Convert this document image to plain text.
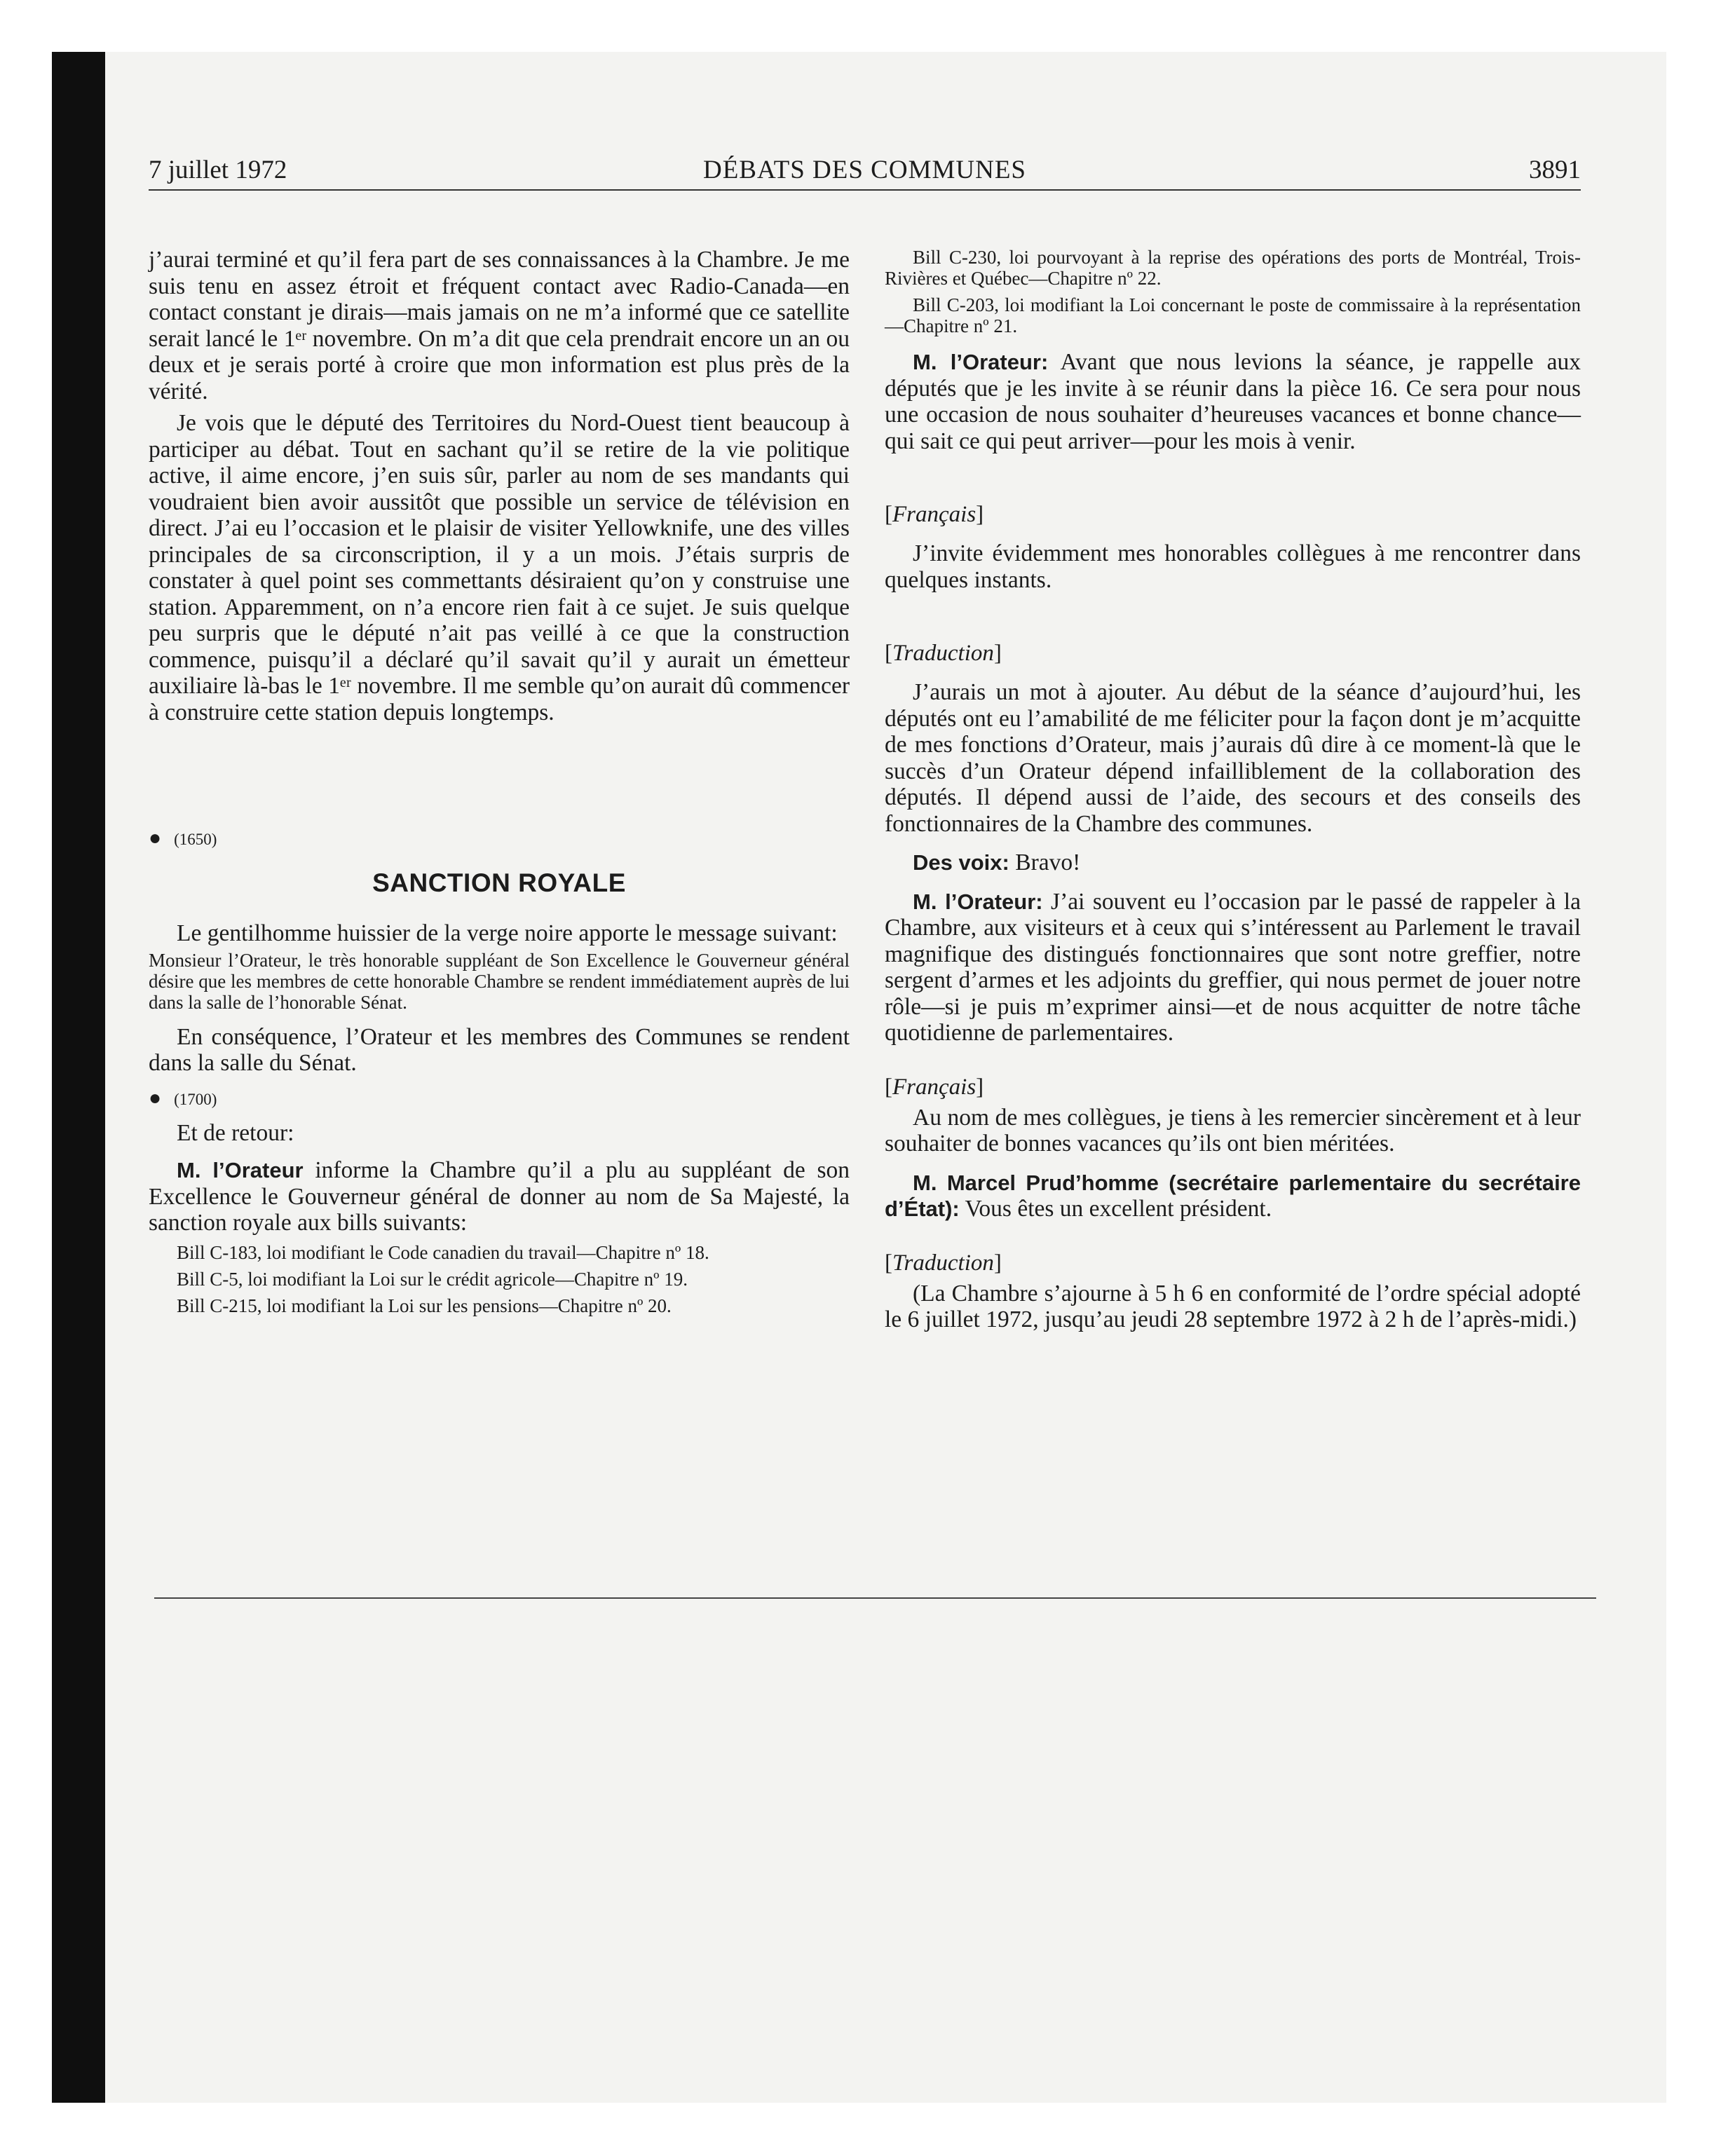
7 juillet 1972	DÉBATS DES COMMUNES	3891

j’aurai terminé et qu’il fera part de ses connaissances à la Chambre. Je me suis tenu en assez étroit et fréquent contact avec Radio-Canada—en contact constant je dirais—mais jamais on ne m’a informé que ce satellite serait lancé le 1ᵉʳ novembre. On m’a dit que cela prendrait encore un an ou deux et je serais porté à croire que mon information est plus près de la vérité.

Je vois que le député des Territoires du Nord-Ouest tient beaucoup à participer au débat. Tout en sachant qu’il se retire de la vie politique active, il aime encore, j’en suis sûr, parler au nom de ses mandants qui voudraient bien avoir aussitôt que possible un service de télévision en direct. J’ai eu l’occasion et le plaisir de visiter Yellowknife, une des villes principales de sa circonscription, il y a un mois. J’étais surpris de constater à quel point ses commettants désiraient qu’on y construise une station. Apparemment, on n’a encore rien fait à ce sujet. Je suis quelque peu surpris que le député n’ait pas veillé à ce que la construction commence, puisqu’il a déclaré qu’il savait qu’il y aurait un émetteur auxiliaire là-bas le 1ᵉʳ novembre. Il me semble qu’on aurait dû commencer à construire cette station depuis longtemps.

● (1650)

SANCTION ROYALE

Le gentilhomme huissier de la verge noire apporte le message suivant:

Monsieur l’Orateur, le très honorable suppléant de Son Excellence le Gouverneur général désire que les membres de cette honorable Chambre se rendent immédiatement auprès de lui dans la salle de l’honorable Sénat.

En conséquence, l’Orateur et les membres des Communes se rendent dans la salle du Sénat.

● (1700)

Et de retour:

M. l’Orateur informe la Chambre qu’il a plu au suppléant de son Excellence le Gouverneur général de donner au nom de Sa Majesté, la sanction royale aux bills suivants:

Bill C-183, loi modifiant le Code canadien du travail—Chapitre nº 18.

Bill C-5, loi modifiant la Loi sur le crédit agricole—Chapitre nº 19.

Bill C-215, loi modifiant la Loi sur les pensions—Chapitre nº 20.

Bill C-230, loi pourvoyant à la reprise des opérations des ports de Montréal, Trois-Rivières et Québec—Chapitre nº 22.

Bill C-203, loi modifiant la Loi concernant le poste de commissaire à la représentation—Chapitre nº 21.

M. l’Orateur: Avant que nous levions la séance, je rappelle aux députés que je les invite à se réunir dans la pièce 16. Ce sera pour nous une occasion de nous souhaiter d’heureuses vacances et bonne chance—qui sait ce qui peut arriver—pour les mois à venir.

[Français]

J’invite évidemment mes honorables collègues à me rencontrer dans quelques instants.

[Traduction]

J’aurais un mot à ajouter. Au début de la séance d’aujourd’hui, les députés ont eu l’amabilité de me féliciter pour la façon dont je m’acquitte de mes fonctions d’Orateur, mais j’aurais dû dire à ce moment-là que le succès d’un Orateur dépend infailliblement de la collaboration des députés. Il dépend aussi de l’aide, des secours et des conseils des fonctionnaires de la Chambre des communes.

Des voix: Bravo!

M. l’Orateur: J’ai souvent eu l’occasion par le passé de rappeler à la Chambre, aux visiteurs et à ceux qui s’intéressent au Parlement le travail magnifique des distingués fonctionnaires que sont notre greffier, notre sergent d’armes et les adjoints du greffier, qui nous permet de jouer notre rôle—si je puis m’exprimer ainsi—et de nous acquitter de notre tâche quotidienne de parlementaires.

[Français]

Au nom de mes collègues, je tiens à les remercier sincèrement et à leur souhaiter de bonnes vacances qu’ils ont bien méritées.

M. Marcel Prud’homme (secrétaire parlementaire du secrétaire d’État): Vous êtes un excellent président.

[Traduction]

(La Chambre s’ajourne à 5 h 6 en conformité de l’ordre spécial adopté le 6 juillet 1972, jusqu’au jeudi 28 septembre 1972 à 2 h de l’après-midi.)
